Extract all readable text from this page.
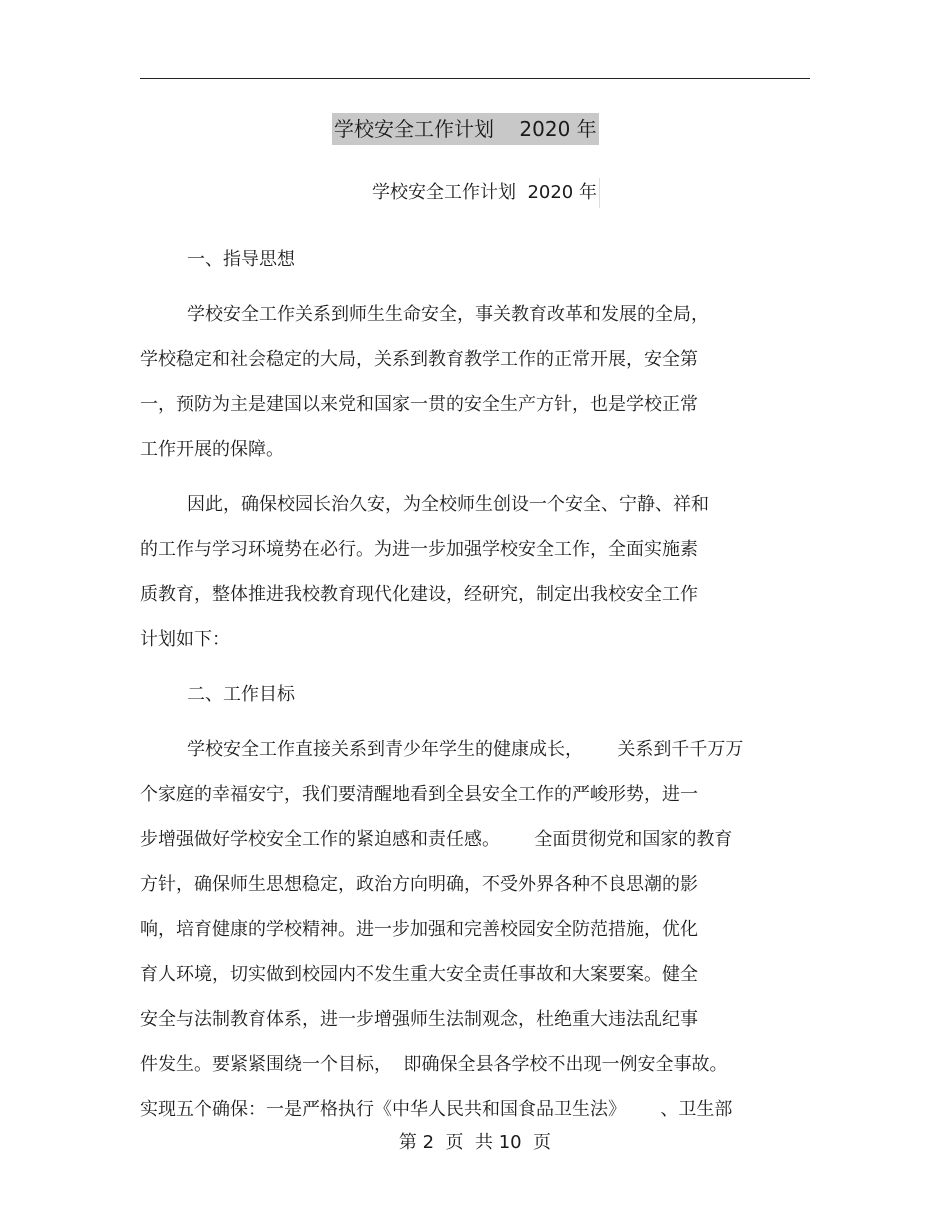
学校安全工作计划    2020 年
学校安全工作计划  2020 年
一、指导思想
学校安全工作关系到师生生命安全，事关教育改革和发展的全局，
学校稳定和社会稳定的大局，关系到教育教学工作的正常开展，安全第
一，预防为主是建国以来党和国家一贯的安全生产方针，也是学校正常
工作开展的保障。
因此，确保校园长治久安，为全校师生创设一个安全、宁静、祥和
的工作与学习环境势在必行。为进一步加强学校安全工作，全面实施素
质教育，整体推进我校教育现代化建设，经研究，制定出我校安全工作
计划如下：
二、工作目标
学校安全工作直接关系到青少年学生的健康成长，      关系到千千万万
个家庭的幸福安宁，我们要清醒地看到全县安全工作的严峻形势，进一
步增强做好学校安全工作的紧迫感和责任感。      全面贯彻党和国家的教育
方针，确保师生思想稳定，政治方向明确，不受外界各种不良思潮的影
响，培育健康的学校精神。进一步加强和完善校园安全防范措施，优化
育人环境，切实做到校园内不发生重大安全责任事故和大案要案。健全
安全与法制教育体系，进一步增强师生法制观念，杜绝重大违法乱纪事
件发生。要紧紧围绕一个目标，  即确保全县各学校不出现一例安全事故。
实现五个确保：一是严格执行《中华人民共和国食品卫生法》      、卫生部
第 2  页  共 10  页
